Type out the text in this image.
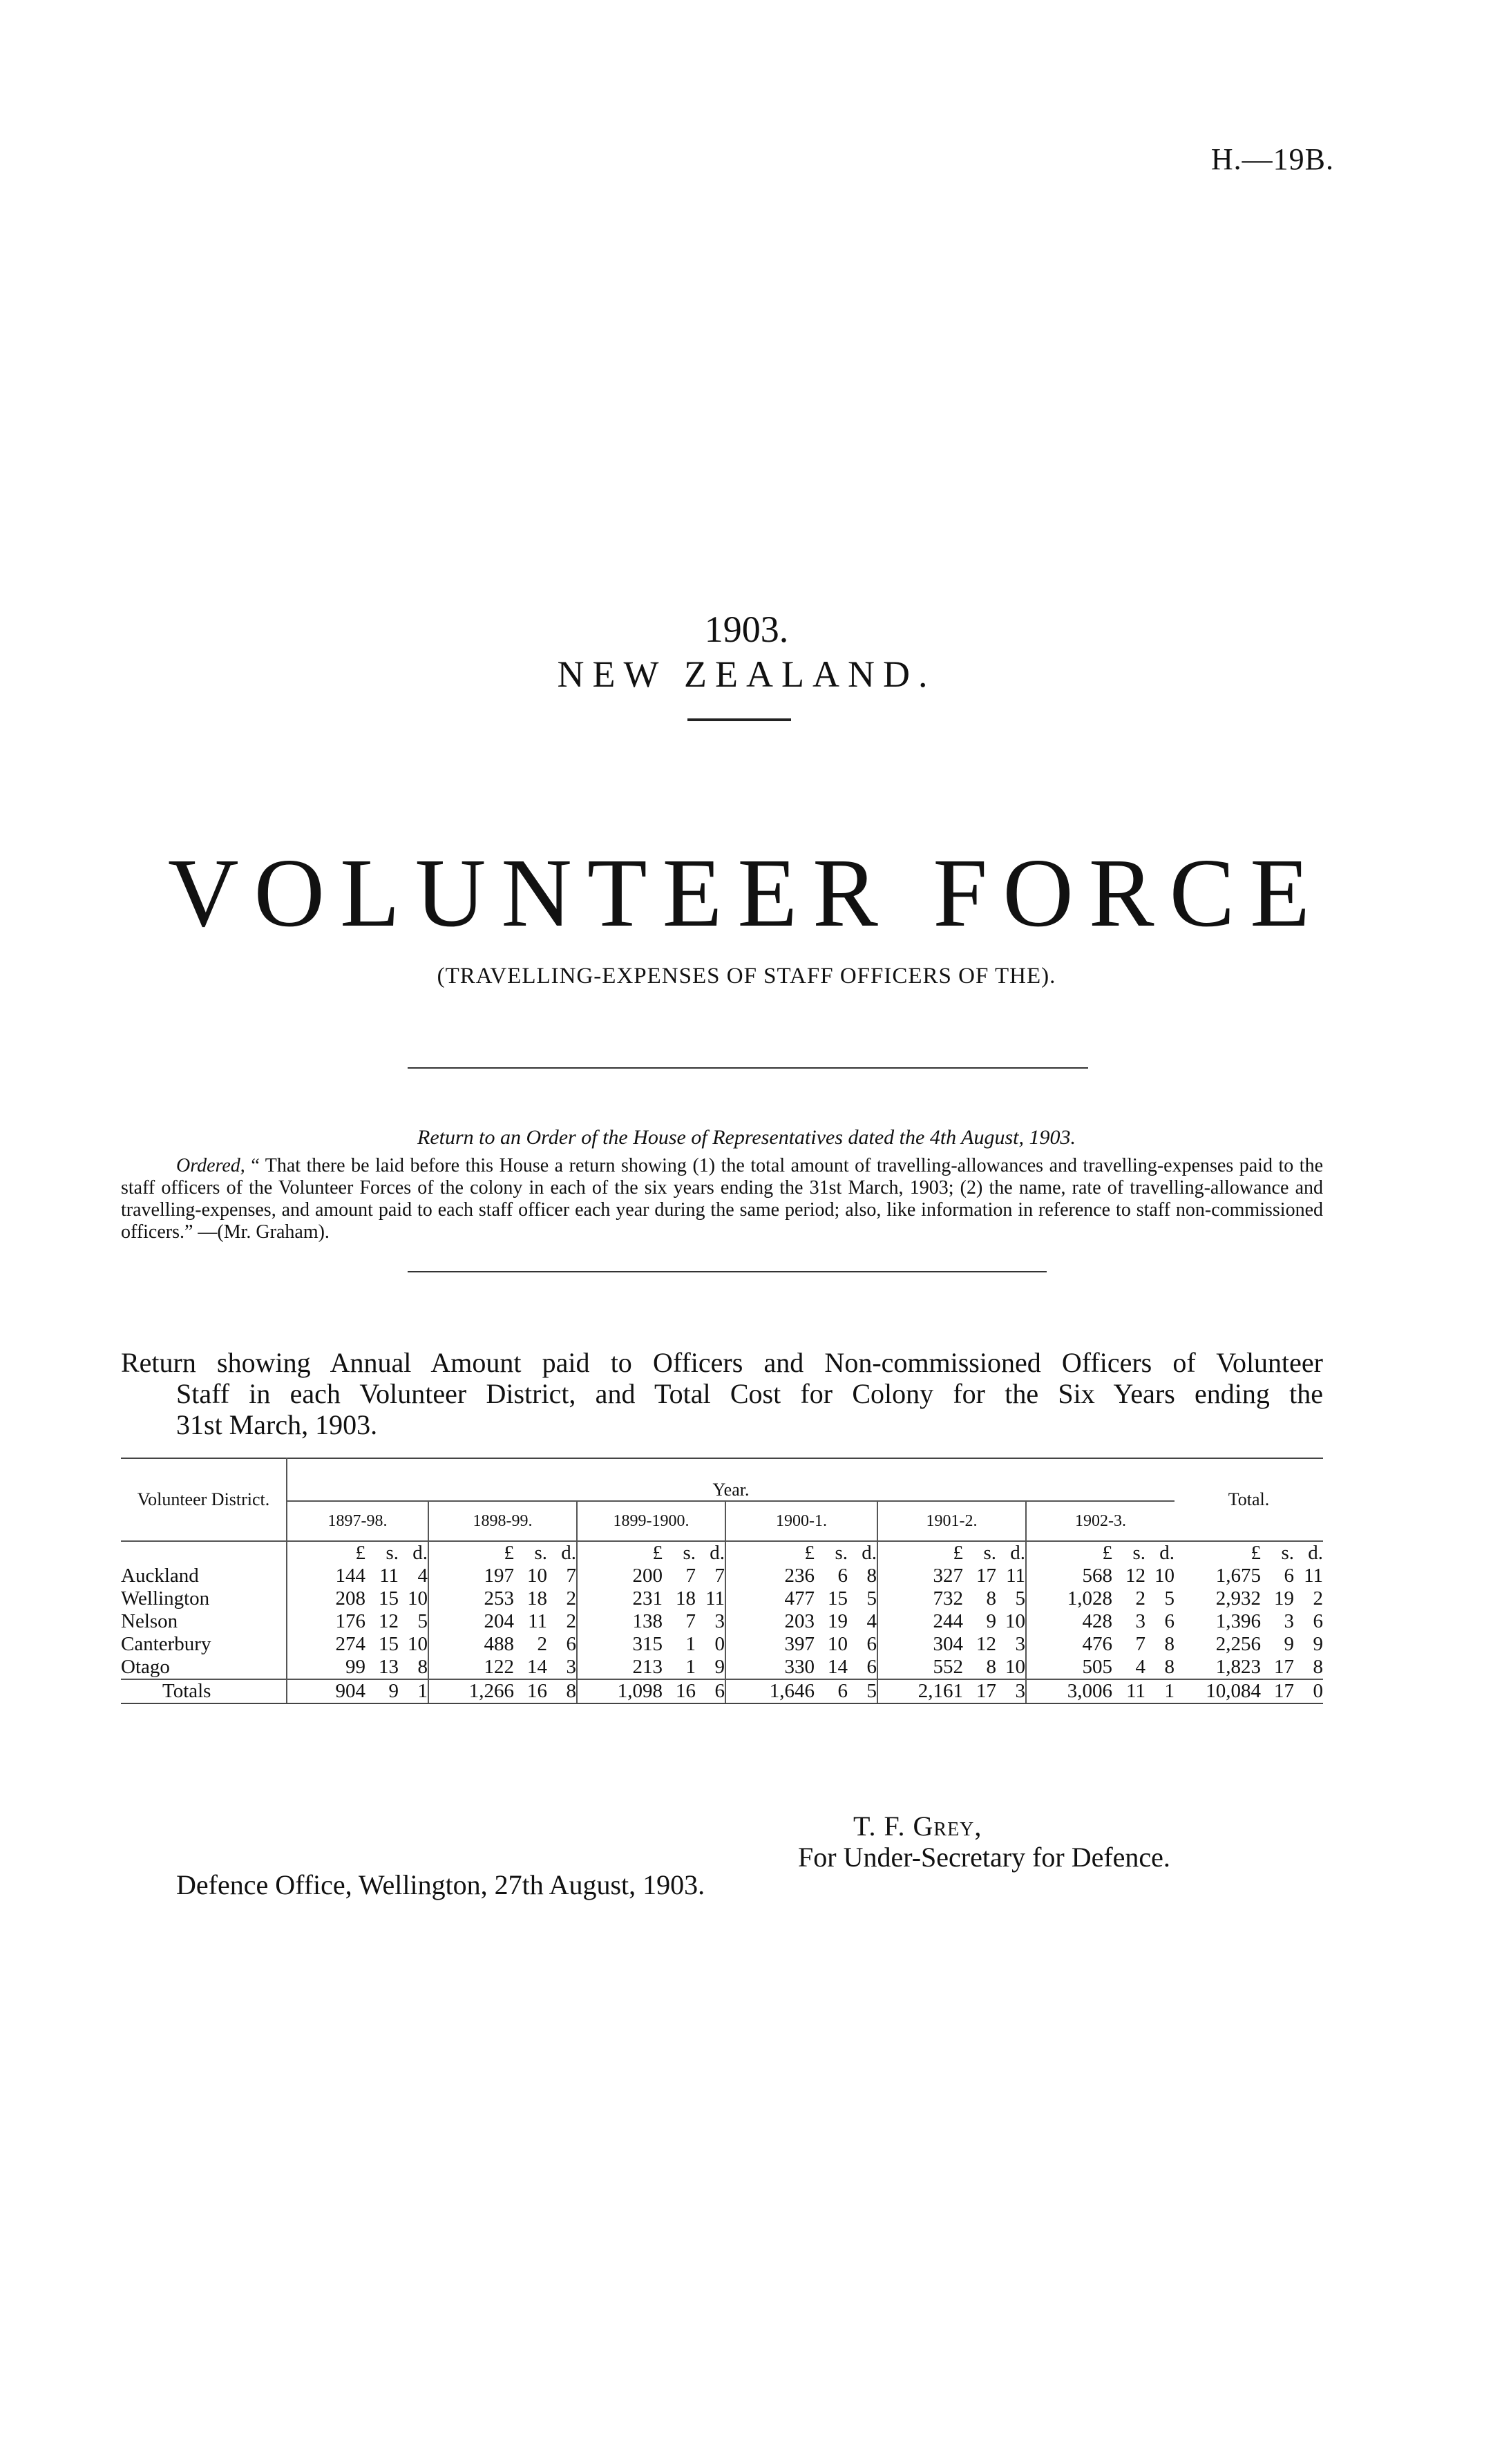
H.—19B.
1903.
NEW ZEALAND.
VOLUNTEER FORCE
(TRAVELLING-EXPENSES OF STAFF OFFICERS OF THE).
Return to an Order of the House of Representatives dated the 4th August, 1903.
Ordered, “ That there be laid before this House a return showing (1) the total amount of travelling-allowances and travelling-expenses paid to the staff officers of the Volunteer Forces of the colony in each of the six years ending the 31st March, 1903; (2) the name, rate of travelling-allowance and travelling-expenses, and amount paid to each staff officer each year during the same period; also, like information in reference to staff non-commissioned officers.” —(Mr. Graham).
Return showing Annual Amount paid to Officers and Non-commissioned Officers of Volunteer
Staff in each Volunteer District, and Total Cost for Colony for the Six Years ending the
31st March, 1903.
Volunteer District.	Year.						Total.
	1897-98.	1898-99.	1899-1900.	1900-1.	1901-2.	1902-3.	
	£ s. d.	£ s. d.	£ s. d.	£ s. d.	£ s. d.	£ s. d.	£ s. d.
Auckland	144 11 4	197 10 7	200 7 7	236 6 8	327 17 11	568 12 10	1,675 6 11
Wellington	208 15 10	253 18 2	231 18 11	477 15 5	732 8 5	1,028 2 5	2,932 19 2
Nelson	176 12 5	204 11 2	138 7 3	203 19 4	244 9 10	428 3 6	1,396 3 6
Canterbury	274 15 10	488 2 6	315 1 0	397 10 6	304 12 3	476 7 8	2,256 9 9
Otago	99 13 8	122 14 3	213 1 9	330 14 6	552 8 10	505 4 8	1,823 17 8
Totals	904 9 1	1,266 16 8	1,098 16 6	1,646 6 5	2,161 17 3	3,006 11 1	10,084 17 0
T. F. Grey,
For Under-Secretary for Defence.
Defence Office, Wellington, 27th August, 1903.
